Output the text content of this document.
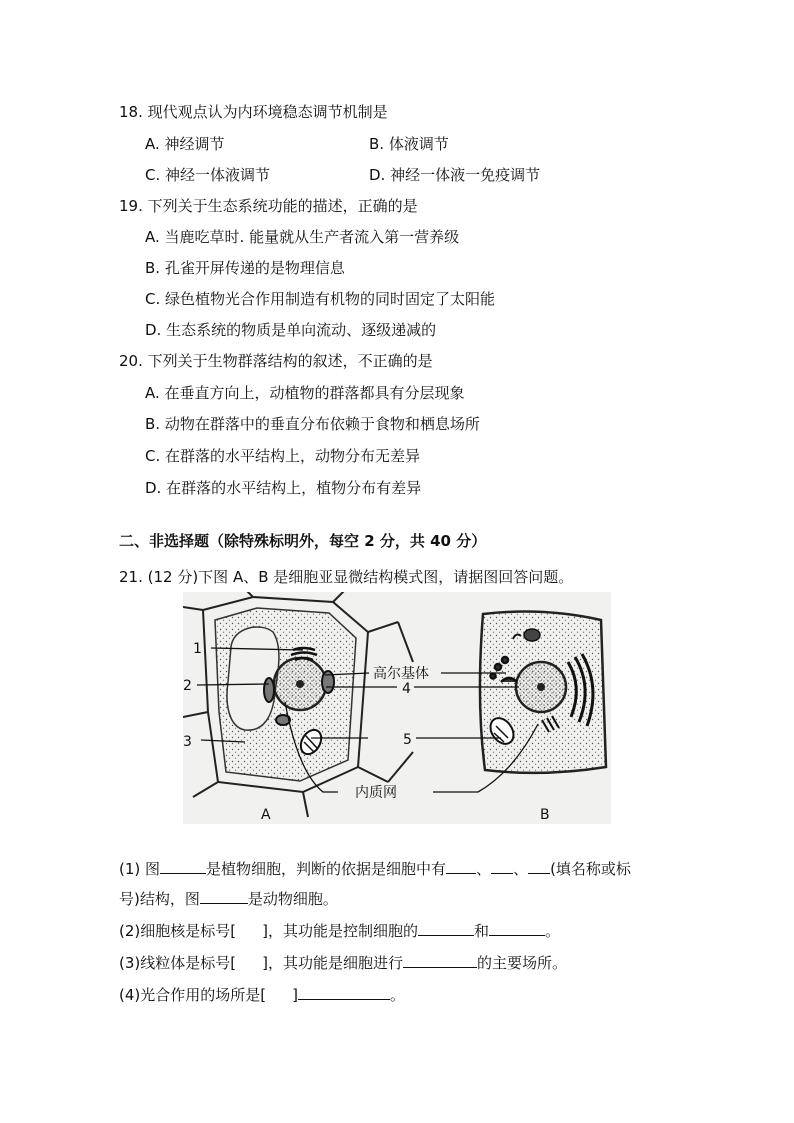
18. 现代观点认为内环境稳态调节机制是
A. 神经调节	B. 体液调节
C. 神经一体液调节	D. 神经一体液一免疫调节
19. 下列关于生态系统功能的描述，正确的是
A. 当鹿吃草时. 能量就从生产者流入第一营养级
B. 孔雀开屏传递的是物理信息
C. 绿色植物光合作用制造有机物的同时固定了太阳能
D. 生态系统的物质是单向流动、逐级递减的
20. 下列关于生物群落结构的叙述，不正确的是
A. 在垂直方向上，动植物的群落都具有分层现象
B. 动物在群落中的垂直分布依赖于食物和栖息场所
C. 在群落的水平结构上，动物分布无差异
D. 在群落的水平结构上，植物分布有差异
二、非选择题（除特殊标明外，每空 2 分，共 40 分）
21. (12 分)下图 A、B 是细胞亚显微结构模式图，请据图回答问题。
1
2
3
高尔基体
4
5
内质网
A	B
(1) 图	是植物细胞，判断的依据是细胞中有 、 、 (填名称或标
号)结构，图	是动物细胞。
(2)细胞核是标号[ ]，其功能是控制细胞的	和	。
(3)线粒体是标号[ ]，其功能是细胞进行	的主要场所。
(4)光合作用的场所是[ ]	。
